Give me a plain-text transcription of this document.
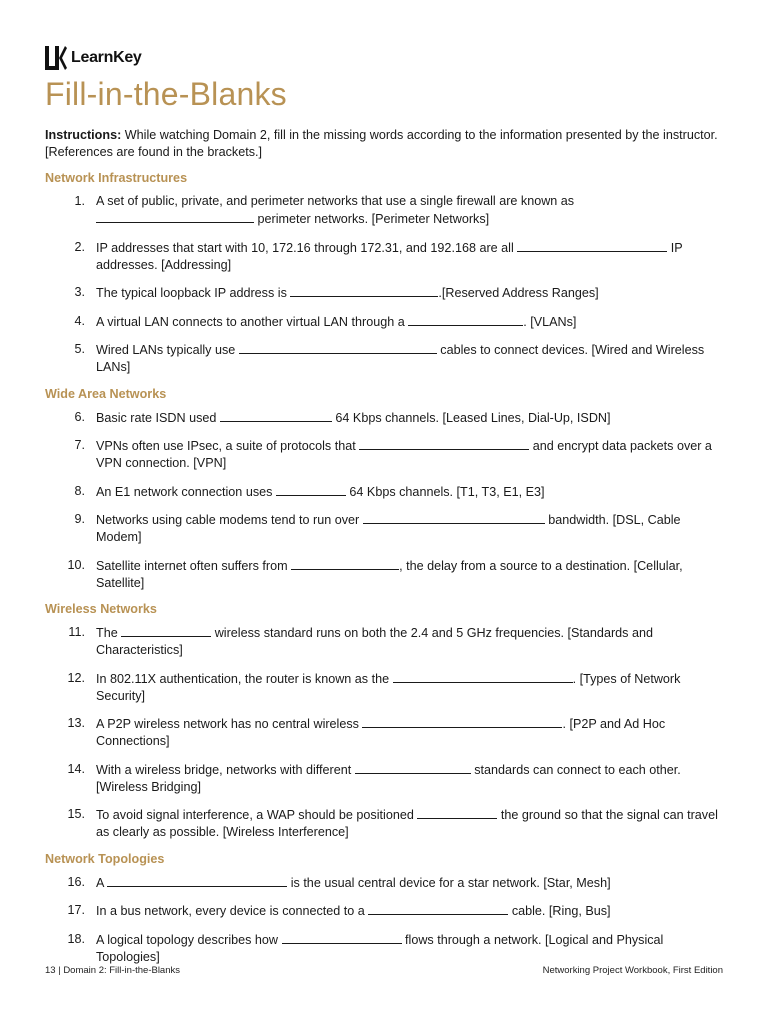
LearnKey
Fill-in-the-Blanks
Instructions: While watching Domain 2, fill in the missing words according to the information presented by the instructor. [References are found in the brackets.]
Network Infrastructures
1. A set of public, private, and perimeter networks that use a single firewall are known as  perimeter networks. [Perimeter Networks]
2. IP addresses that start with 10, 172.16 through 172.31, and 192.168 are all	IP addresses. [Addressing]
3. The typical loopback IP address is	.[Reserved Address Ranges]
4. A virtual LAN connects to another virtual LAN through a	. [VLANs]
5. Wired LANs typically use	cables to connect devices. [Wired and Wireless LANs]
Wide Area Networks
6. Basic rate ISDN used	64 Kbps channels. [Leased Lines, Dial-Up, ISDN]
7. VPNs often use IPsec, a suite of protocols that	and encrypt data packets over a VPN connection. [VPN]
8. An E1 network connection uses	64 Kbps channels. [T1, T3, E1, E3]
9. Networks using cable modems tend to run over	bandwidth. [DSL, Cable Modem]
10. Satellite internet often suffers from	, the delay from a source to a destination. [Cellular, Satellite]
Wireless Networks
11. The	wireless standard runs on both the 2.4 and 5 GHz frequencies. [Standards and Characteristics]
12. In 802.11X authentication, the router is known as the	. [Types of Network Security]
13. A P2P wireless network has no central wireless	. [P2P and Ad Hoc Connections]
14. With a wireless bridge, networks with different	standards can connect to each other. [Wireless Bridging]
15. To avoid signal interference, a WAP should be positioned	the ground so that the signal can travel as clearly as possible. [Wireless Interference]
Network Topologies
16. A	is the usual central device for a star network. [Star, Mesh]
17. In a bus network, every device is connected to a	cable. [Ring, Bus]
18. A logical topology describes how	flows through a network. [Logical and Physical Topologies]
13 | Domain 2: Fill-in-the-Blanks	Networking Project Workbook, First Edition
